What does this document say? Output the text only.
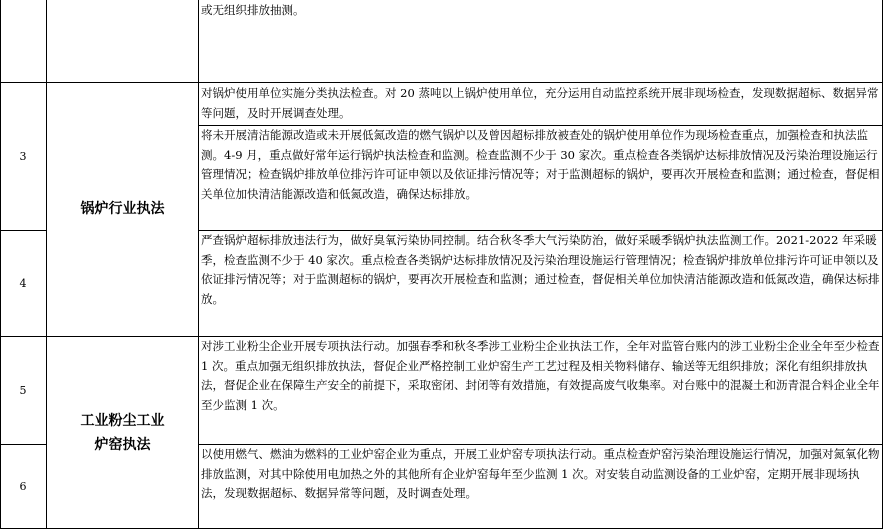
3
4
5
6
锅炉行业执法
工业粉尘工业
炉窑执法
或无组织排放抽测。
对锅炉使用单位实施分类执法检查。对 20 蒸吨以上锅炉使用单位，充分运用自动监控系统开展非现场检查，发现数据超标、数据异常等问题，及时开展调查处理。
将未开展清洁能源改造或未开展低氮改造的燃气锅炉以及曾因超标排放被查处的锅炉使用单位作为现场检查重点，加强检查和执法监测。4-9 月，重点做好常年运行锅炉执法检查和监测。检查监测不少于 30 家次。重点检查各类锅炉达标排放情况及污染治理设施运行管理情况；检查锅炉排放单位排污许可证申领以及依证排污情况等；对于监测超标的锅炉，要再次开展检查和监测；通过检查，督促相关单位加快清洁能源改造和低氮改造，确保达标排放。
严查锅炉超标排放违法行为，做好臭氧污染协同控制。结合秋冬季大气污染防治，做好采暖季锅炉执法监测工作。2021-2022 年采暖季，检查监测不少于 40 家次。重点检查各类锅炉达标排放情况及污染治理设施运行管理情况；检查锅炉排放单位排污许可证申领以及依证排污情况等；对于监测超标的锅炉，要再次开展检查和监测；通过检查，督促相关单位加快清洁能源改造和低氮改造，确保达标排放。
对涉工业粉尘企业开展专项执法行动。加强春季和秋冬季涉工业粉尘企业执法工作，全年对监管台账内的涉工业粉尘企业全年至少检查 1 次。重点加强无组织排放执法，督促企业严格控制工业炉窑生产工艺过程及相关物料储存、输送等无组织排放；深化有组织排放执法，督促企业在保障生产安全的前提下，采取密闭、封闭等有效措施，有效提高废气收集率。对台账中的混凝土和沥青混合料企业全年至少监测 1 次。
以使用燃气、燃油为燃料的工业炉窑企业为重点，开展工业炉窑专项执法行动。重点检查炉窑污染治理设施运行情况，加强对氮氧化物排放监测，对其中除使用电加热之外的其他所有企业炉窑每年至少监测 1 次。对安装自动监测设备的工业炉窑，定期开展非现场执法，发现数据超标、数据异常等问题，及时调查处理。
